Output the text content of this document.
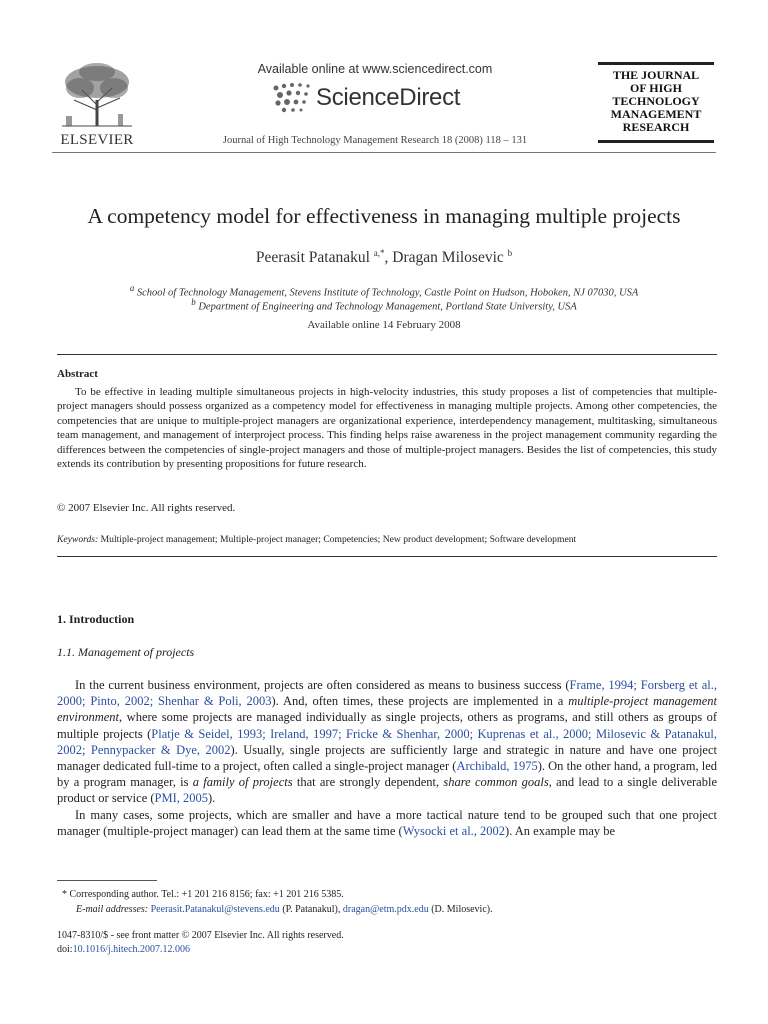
ELSEVIER
Available online at www.sciencedirect.com
ScienceDirect
Journal of High Technology Management Research 18 (2008) 118 – 131
THE JOURNAL
OF HIGH
TECHNOLOGY
MANAGEMENT
RESEARCH
A competency model for effectiveness in managing multiple projects
Peerasit Patanakul $^{a,*}$, Dragan Milosevic $^b$
$^a$ School of Technology Management, Stevens Institute of Technology, Castle Point on Hudson, Hoboken, NJ 07030, USA
$^b$ Department of Engineering and Technology Management, Portland State University, USA
Available online 14 February 2008
Abstract

To be effective in leading multiple simultaneous projects in high-velocity industries, this study proposes a list of competencies that multiple-project managers should possess organized as a competency model for effectiveness in managing multiple projects. Among other competencies, the competencies that are unique to multiple-project managers are organizational experience, interdependency management, multitasking, simultaneous team management, and management of interproject process. This finding helps raise awareness in the project management community regarding the differences between the competencies of single-project managers and those of multiple-project managers. Besides the list of competencies, this study extends its contribution by presenting propositions for future research.

© 2007 Elsevier Inc. All rights reserved.
Keywords: Multiple-project management; Multiple-project manager; Competencies; New product development; Software development
1. Introduction
1.1. Management of projects

In the current business environment, projects are often considered as means to business success (Frame, 1994; Forsberg et al., 2000; Pinto, 2002; Shenhar & Poli, 2003). And, often times, these projects are implemented in a multiple-project management environment, where some projects are managed individually as single projects, others as programs, and still others as groups of multiple projects (Platje & Seidel, 1993; Ireland, 1997; Fricke & Shenhar, 2000; Kuprenas et al., 2000; Milosevic & Patanakul, 2002; Pennypacker & Dye, 2002). Usually, single projects are sufficiently large and strategic in nature and have one project manager dedicated full-time to a project, often called a single-project manager (Archibald, 1975). On the other hand, a program, led by a program manager, is a family of projects that are strongly dependent, share common goals, and lead to a single deliverable product or service (PMI, 2005).

In many cases, some projects, which are smaller and have a more tactical nature tend to be grouped such that one project manager (multiple-project manager) can lead them at the same time (Wysocki et al., 2002). An example may be

* Corresponding author. Tel.: +1 201 216 8156; fax: +1 201 216 5385.
E-mail addresses: Peerasit.Patanakul@stevens.edu (P. Patanakul), dragan@etm.pdx.edu (D. Milosevic).
1047-8310/$ - see front matter © 2007 Elsevier Inc. All rights reserved.
doi:10.1016/j.hitech.2007.12.006
